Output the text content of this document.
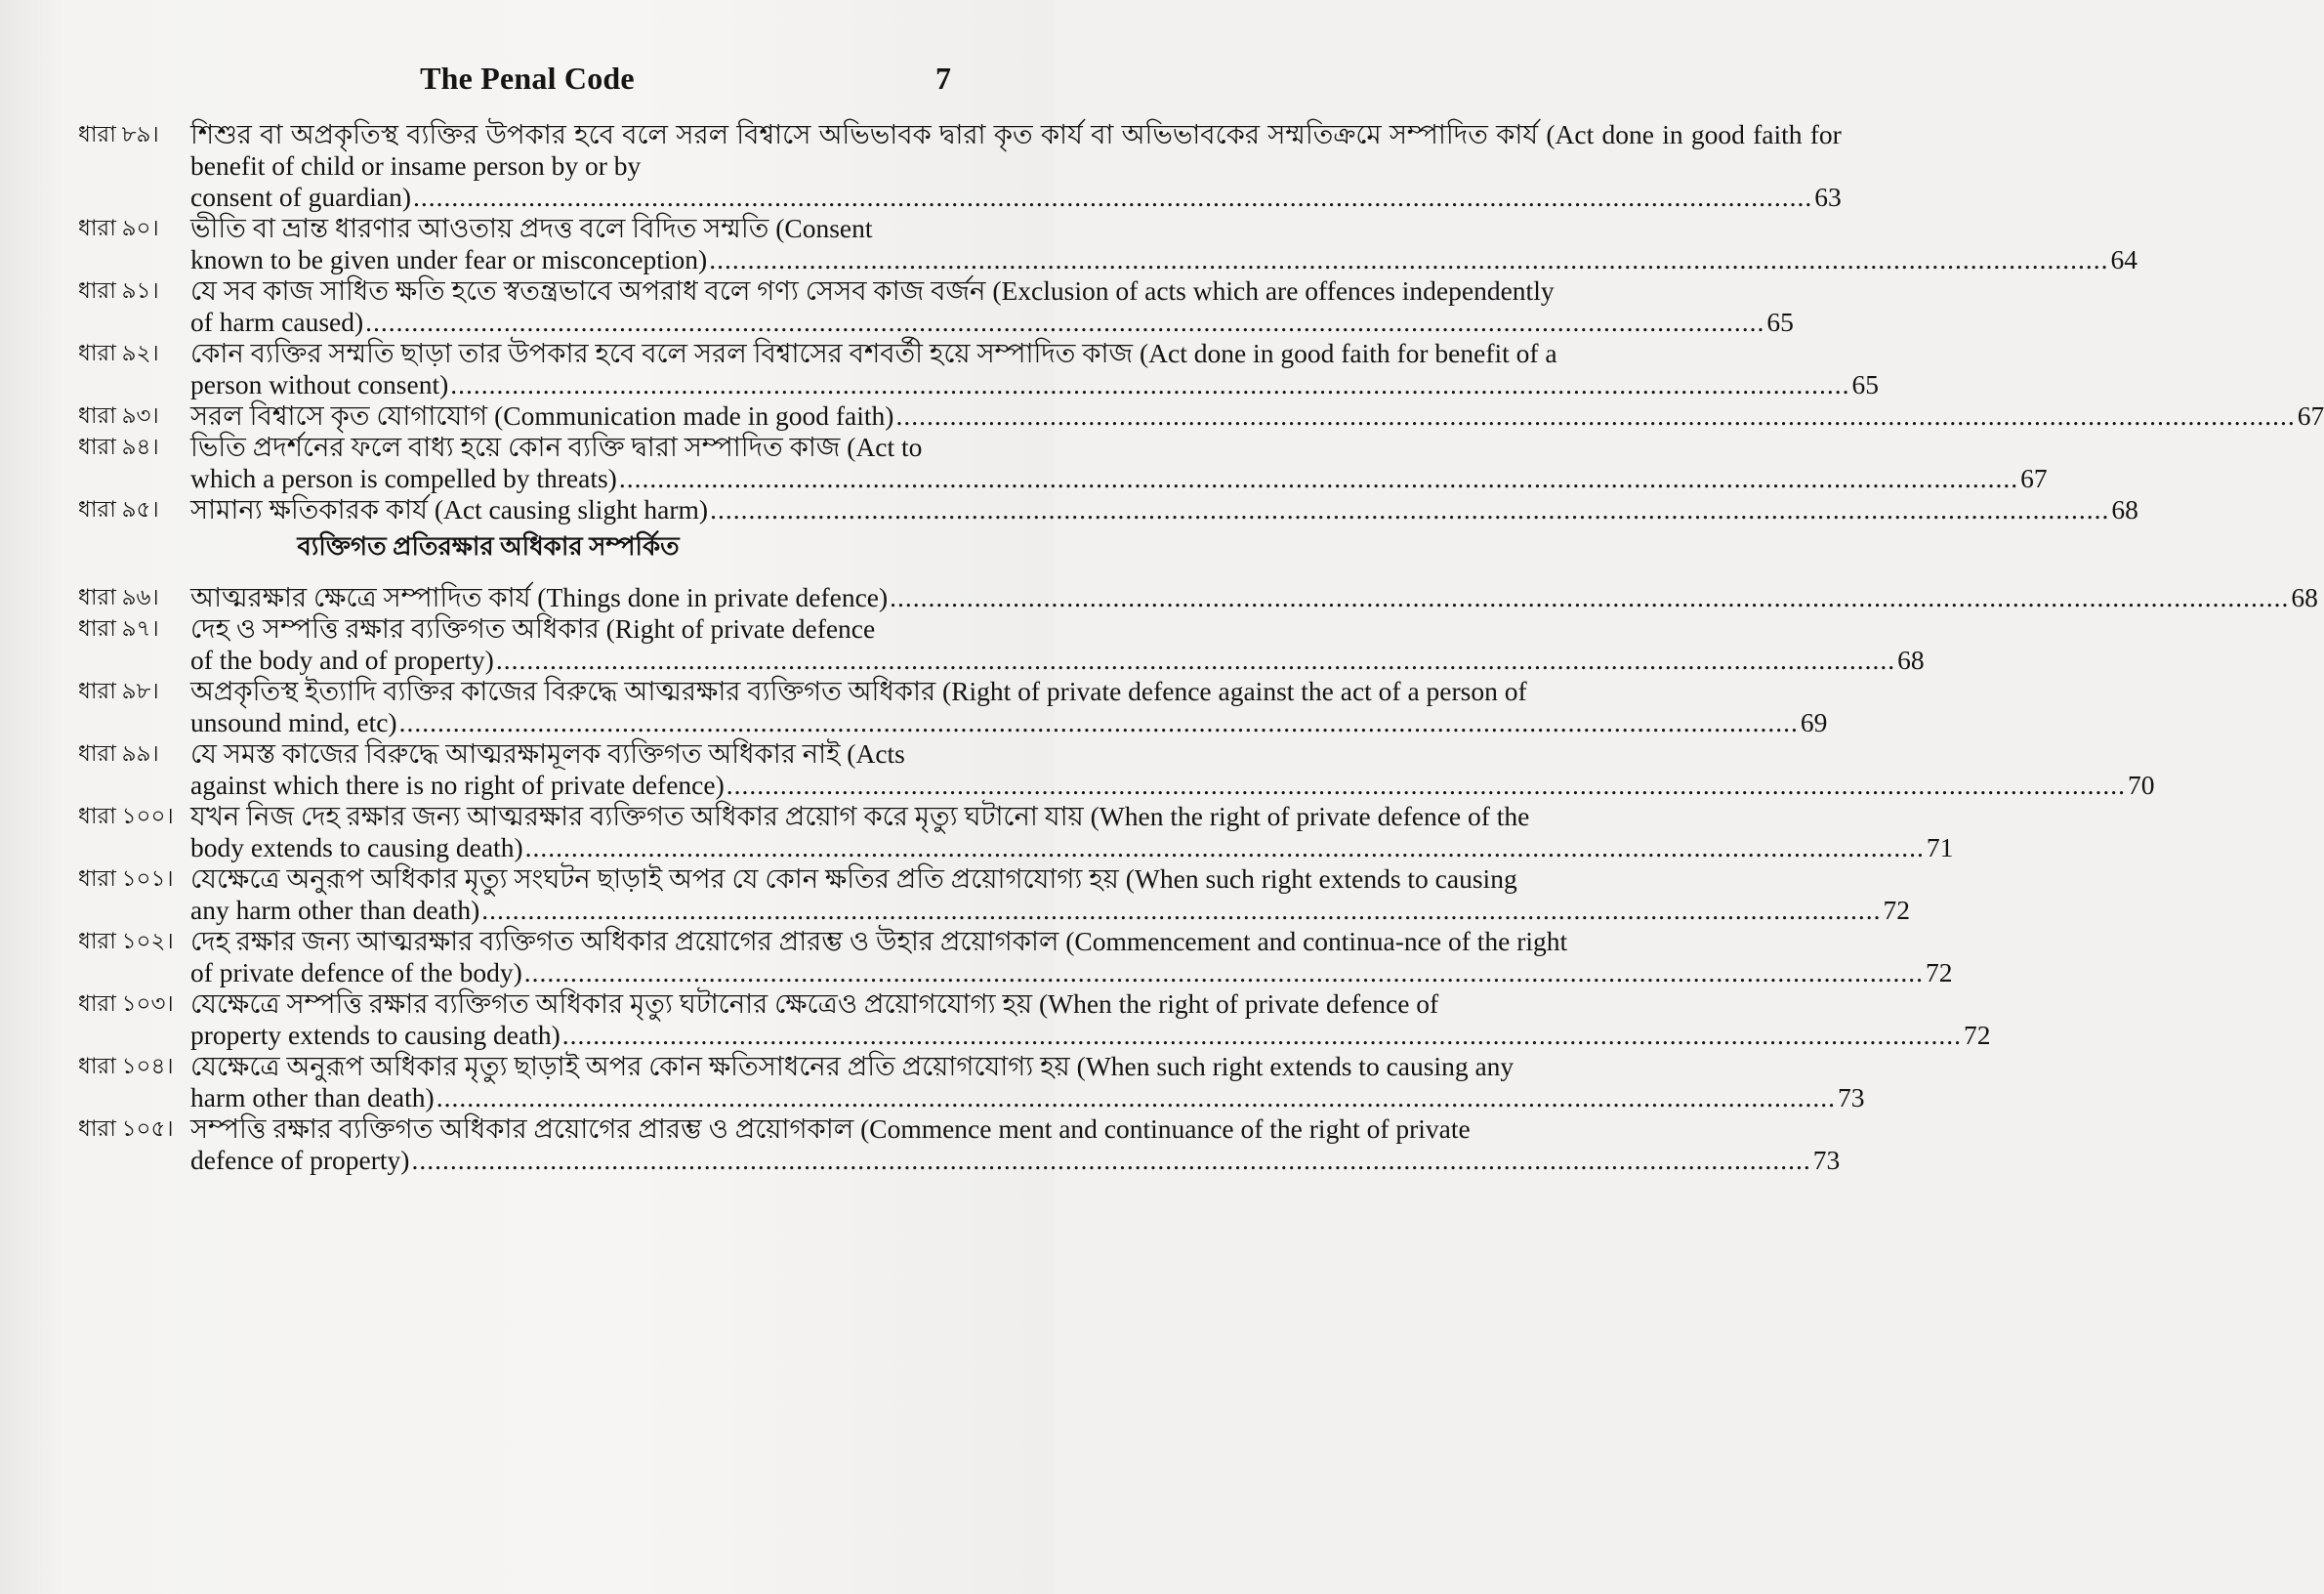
The Penal Code	7
ধারা ৮৯।	শিশুর বা অপ্রকৃতিস্থ ব্যক্তির উপকার হবে বলে সরল বিশ্বাসে অভিভাবক দ্বারা কৃত কার্য বা অভিভাবকের সম্মতিক্রমে সম্পাদিত কার্য (Act done in good faith for benefit of child or insame person by or by
consent of guardian) .....	63
ধারা ৯০।	ভীতি বা ভ্রান্ত ধারণার আওতায় প্রদত্ত বলে বিদিত সম্মতি (Consent
known to be given under fear or misconception) .....	64
ধারা ৯১।	যে সব কাজ সাধিত ক্ষতি হতে স্বতন্ত্রভাবে অপরাধ বলে গণ্য সেসব কাজ বর্জন (Exclusion of acts which are offences independently
of harm caused) .....	65
ধারা ৯২।	কোন ব্যক্তির সম্মতি ছাড়া তার উপকার হবে বলে সরল বিশ্বাসের বশবর্তী হয়ে সম্পাদিত কাজ (Act done in good faith for benefit of a
person without consent) .....	65
ধারা ৯৩।	সরল বিশ্বাসে কৃত যোগাযোগ (Communication made in good faith) .....	67
ধারা ৯৪।	ভিতি প্রদর্শনের ফলে বাধ্য হয়ে কোন ব্যক্তি দ্বারা সম্পাদিত কাজ (Act to
which a person is compelled by threats) .....	67
ধারা ৯৫।	সামান্য ক্ষতিকারক কার্য (Act causing slight harm) .....	68
ব্যক্তিগত প্রতিরক্ষার অধিকার সম্পর্কিত
ধারা ৯৬।	আত্মরক্ষার ক্ষেত্রে সম্পাদিত কার্য (Things done in private defence) .....	68
ধারা ৯৭।	দেহ ও সম্পত্তি রক্ষার ব্যক্তিগত অধিকার (Right of private defence
of the body and of property) .....	68
ধারা ৯৮।	অপ্রকৃতিস্থ ইত্যাদি ব্যক্তির কাজের বিরুদ্ধে আত্মরক্ষার ব্যক্তিগত অধিকার (Right of private defence against the act of a person of
unsound mind, etc) .....	69
ধারা ৯৯।	যে সমস্ত কাজের বিরুদ্ধে আত্মরক্ষামূলক ব্যক্তিগত অধিকার নাই (Acts
against which there is no right of private defence) .....	70
ধারা ১০০। যখন নিজ দেহ রক্ষার জন্য আত্মরক্ষার ব্যক্তিগত অধিকার প্রয়োগ করে মৃত্যু ঘটানো যায় (When the right of private defence of the
body extends to causing death) .....	71
ধারা ১০১। যেক্ষেত্রে অনুরূপ অধিকার মৃত্যু সংঘটন ছাড়াই অপর যে কোন ক্ষতির প্রতি প্রয়োগযোগ্য হয় (When such right extends to causing
any harm other than death) .....	72
ধারা ১০২। দেহ রক্ষার জন্য আত্মরক্ষার ব্যক্তিগত অধিকার প্রয়োগের প্রারম্ভ ও উহার প্রয়োগকাল (Commencement and continua-nce of the right
of private defence of the body) .....	72
ধারা ১০৩। যেক্ষেত্রে সম্পত্তি রক্ষার ব্যক্তিগত অধিকার মৃত্যু ঘটানোর ক্ষেত্রেও প্রয়োগযোগ্য হয় (When the right of private defence of
property extends to causing death) .....	72
ধারা ১০৪। যেক্ষেত্রে অনুরূপ অধিকার মৃত্যু ছাড়াই অপর কোন ক্ষতিসাধনের প্রতি প্রয়োগযোগ্য হয় (When such right extends to causing any
harm other than death) .....	73
ধারা ১০৫। সম্পত্তি রক্ষার ব্যক্তিগত অধিকার প্রয়োগের প্রারম্ভ ও প্রয়োগকাল (Commence ment and continuance of the right of private
defence of property) .....	73
